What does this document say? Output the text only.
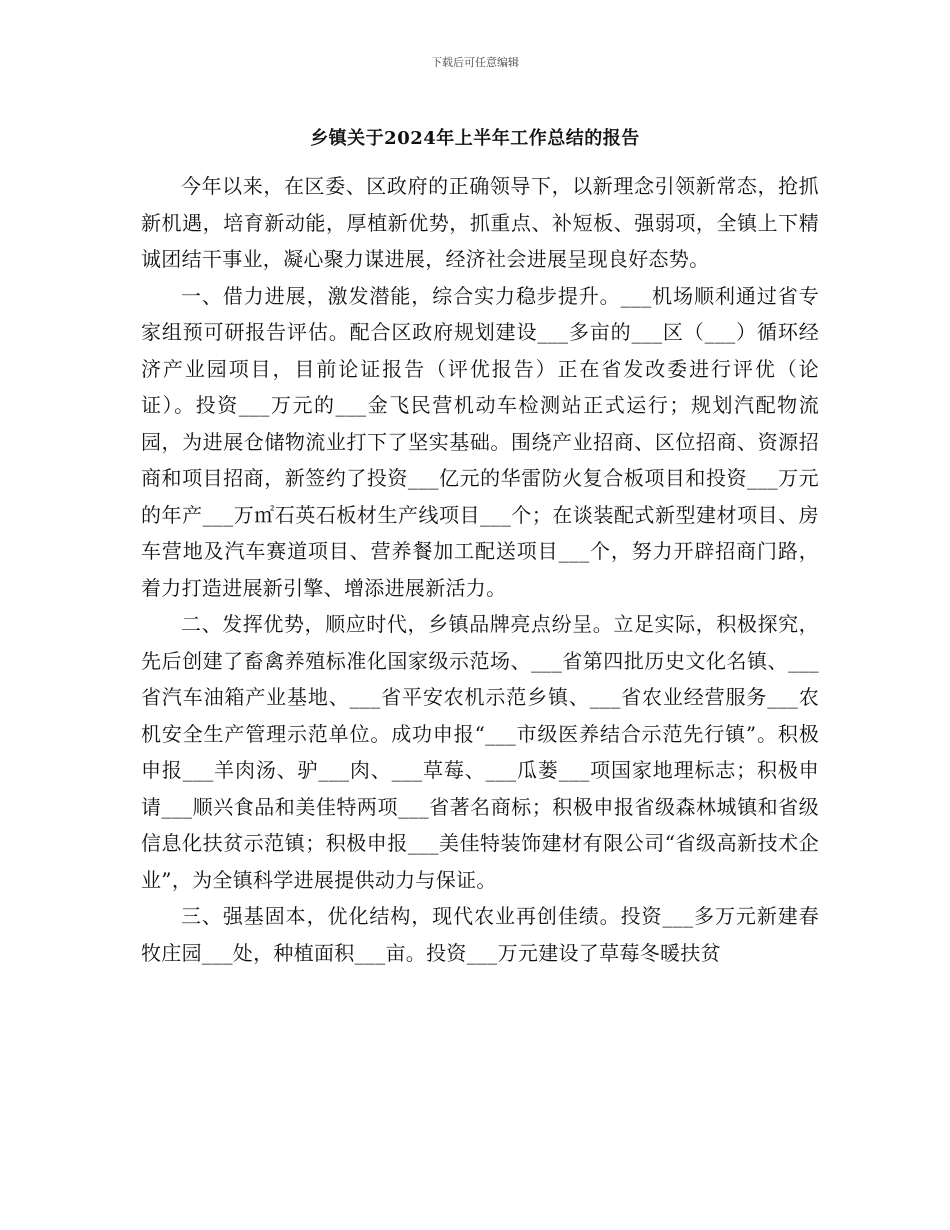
下载后可任意编辑
乡镇关于2024年上半年工作总结的报告

今年以来，在区委、区政府的正确领导下，以新理念引领新常态，抢抓新机遇，培育新动能，厚植新优势，抓重点、补短板、强弱项，全镇上下精诚团结干事业，凝心聚力谋进展，经济社会进展呈现良好态势。

一、借力进展，激发潜能，综合实力稳步提升。___机场顺利通过省专家组预可研报告评估。配合区政府规划建设___多亩的___区（___）循环经济产业园项目，目前论证报告（评优报告）正在省发改委进行评优（论证）。投资___万元的___金飞民营机动车检测站正式运行；规划汽配物流园，为进展仓储物流业打下了坚实基础。围绕产业招商、区位招商、资源招商和项目招商，新签约了投资___亿元的华雷防火复合板项目和投资___万元的年产___万㎡石英石板材生产线项目___个；在谈装配式新型建材项目、房车营地及汽车赛道项目、营养餐加工配送项目___个，努力开辟招商门路，着力打造进展新引擎、增添进展新活力。

二、发挥优势，顺应时代，乡镇品牌亮点纷呈。立足实际，积极探究，先后创建了畜禽养殖标准化国家级示范场、___省第四批历史文化名镇、___省汽车油箱产业基地、___省平安农机示范乡镇、___省农业经营服务___农机安全生产管理示范单位。成功申报“___市级医养结合示范先行镇”。积极申报___羊肉汤、驴___肉、___草莓、___瓜蒌___项国家地理标志；积极申请___顺兴食品和美佳特两项___省著名商标；积极申报省级森林城镇和省级信息化扶贫示范镇；积极申报___美佳特装饰建材有限公司“省级高新技术企业”，为全镇科学进展提供动力与保证。

三、强基固本，优化结构，现代农业再创佳绩。投资___多万元新建春牧庄园___处，种植面积___亩。投资___万元建设了草莓冬暖扶贫
